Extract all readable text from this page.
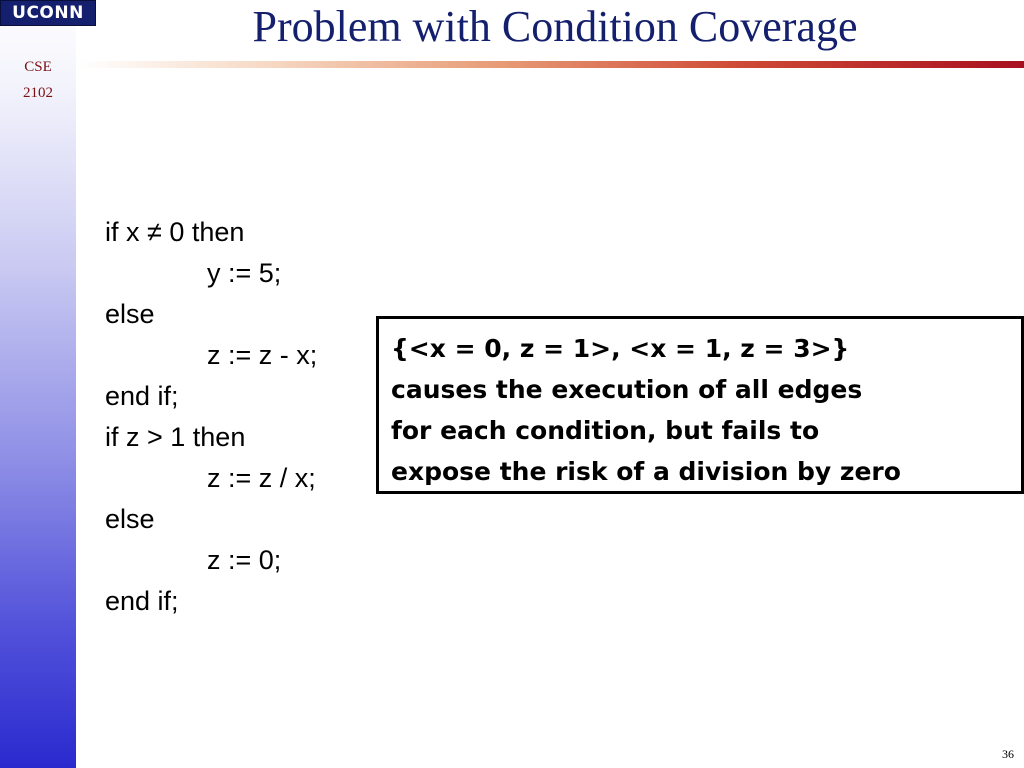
UCONN
CSE
2102
Problem with Condition Coverage
if x ≠ 0 then
y := 5;
else
z := z - x;
end if;
if z > 1 then
z := z / x;
else
z := 0;
end if;
{<x = 0, z = 1>, <x = 1, z = 3>}
causes the execution of all edges
for each condition, but fails to
expose the risk of a division by zero
36
